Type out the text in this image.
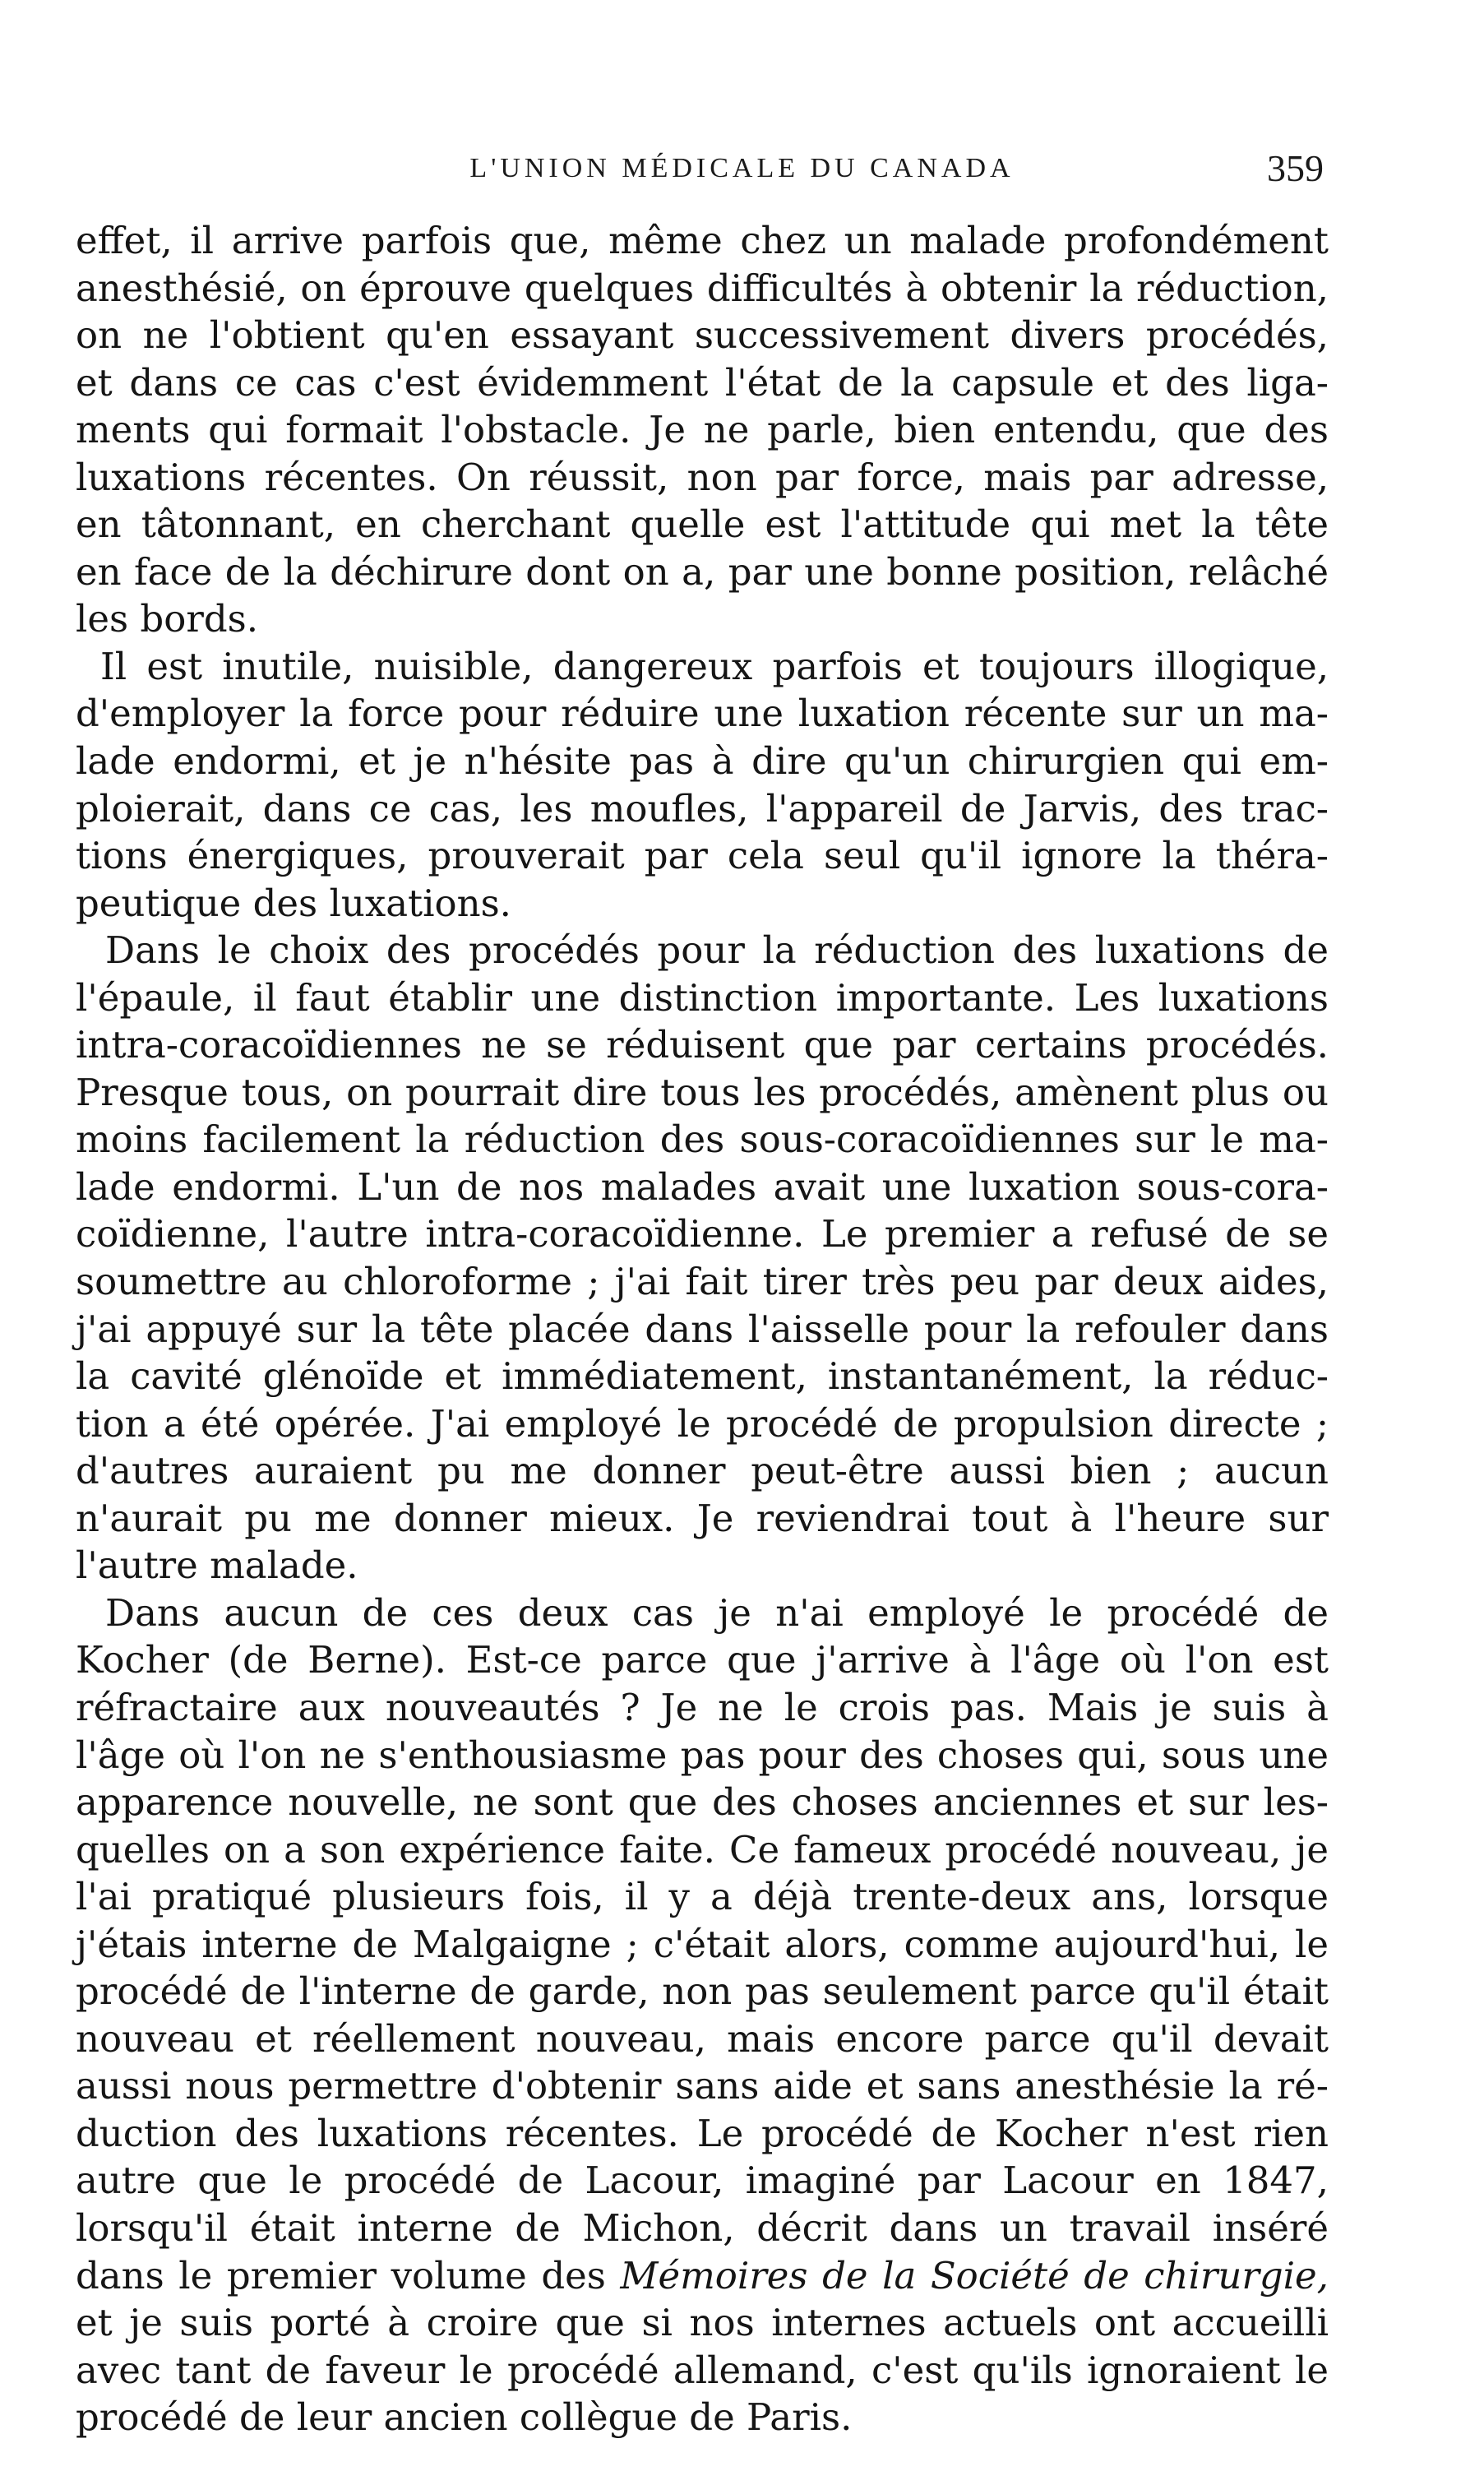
L'UNION MÉDICALE DU CANADA	359
effet, il arrive parfois que, même chez un malade profondément
anesthésié, on éprouve quelques difficultés à obtenir la réduction,
on ne l'obtient qu'en essayant successivement divers procédés,
et dans ce cas c'est évidemment l'état de la capsule et des liga-
ments qui formait l'obstacle. Je ne parle, bien entendu, que des
luxations récentes. On réussit, non par force, mais par adresse,
en tâtonnant, en cherchant quelle est l'attitude qui met la tête
en face de la déchirure dont on a, par une bonne position, relâché
les bords.
Il est inutile, nuisible, dangereux parfois et toujours illogique,
d'employer la force pour réduire une luxation récente sur un ma-
lade endormi, et je n'hésite pas à dire qu'un chirurgien qui em-
ploierait, dans ce cas, les moufles, l'appareil de Jarvis, des trac-
tions énergiques, prouverait par cela seul qu'il ignore la théra-
peutique des luxations.
Dans le choix des procédés pour la réduction des luxations de
l'épaule, il faut établir une distinction importante. Les luxations
intra-coracoïdiennes ne se réduisent que par certains procédés.
Presque tous, on pourrait dire tous les procédés, amènent plus ou
moins facilement la réduction des sous-coracoïdiennes sur le ma-
lade endormi. L'un de nos malades avait une luxation sous-cora-
coïdienne, l'autre intra-coracoïdienne. Le premier a refusé de se
soumettre au chloroforme ; j'ai fait tirer très peu par deux aides,
j'ai appuyé sur la tête placée dans l'aisselle pour la refouler dans
la cavité glénoïde et immédiatement, instantanément, la réduc-
tion a été opérée. J'ai employé le procédé de propulsion directe ;
d'autres auraient pu me donner peut-être aussi bien ; aucun
n'aurait pu me donner mieux. Je reviendrai tout à l'heure sur
l'autre malade.
Dans aucun de ces deux cas je n'ai employé le procédé de
Kocher (de Berne). Est-ce parce que j'arrive à l'âge où l'on est
réfractaire aux nouveautés ? Je ne le crois pas. Mais je suis à
l'âge où l'on ne s'enthousiasme pas pour des choses qui, sous une
apparence nouvelle, ne sont que des choses anciennes et sur les-
quelles on a son expérience faite. Ce fameux procédé nouveau, je
l'ai pratiqué plusieurs fois, il y a déjà trente-deux ans, lorsque
j'étais interne de Malgaigne ; c'était alors, comme aujourd'hui, le
procédé de l'interne de garde, non pas seulement parce qu'il était
nouveau et réellement nouveau, mais encore parce qu'il devait
aussi nous permettre d'obtenir sans aide et sans anesthésie la ré-
duction des luxations récentes. Le procédé de Kocher n'est rien
autre que le procédé de Lacour, imaginé par Lacour en 1847,
lorsqu'il était interne de Michon, décrit dans un travail inséré
dans le premier volume des Mémoires de la Société de chirurgie,
et je suis porté à croire que si nos internes actuels ont accueilli
avec tant de faveur le procédé allemand, c'est qu'ils ignoraient le
procédé de leur ancien collègue de Paris.
